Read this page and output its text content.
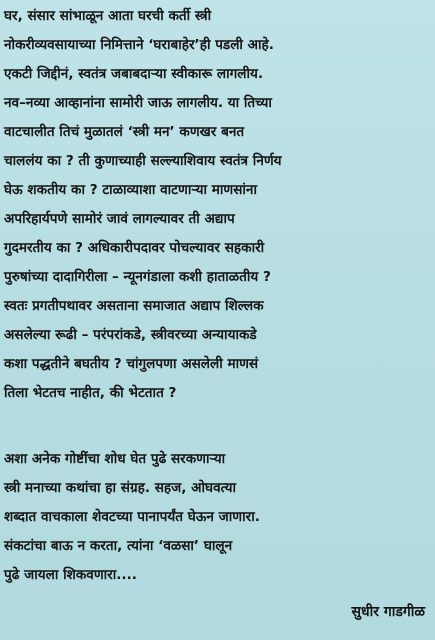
घर, संसार सांभाळून आता घरची कर्ती स्त्री
नोकरीव्यवसायाच्या निमित्ताने ‘घराबाहेर’ही पडली आहे.
एकटी जिद्दीनं, स्वतंत्र जबाबदाऱ्या स्वीकारू लागलीय.
नव–नव्या आव्हानांना सामोरी जाऊ लागलीय. या तिच्या
वाटचालीत तिचं मुळातलं ‘स्त्री मन’ कणखर बनत
चाललंय का ? ती कुणाच्याही सल्ल्याशिवाय स्वतंत्र निर्णय
घेऊ शकतीय का ? टाळाव्याशा वाटणाऱ्या माणसांना
अपरिहार्यपणे सामोरं जावं लागल्यावर ती अद्याप
गुदमरतीय का ? अधिकारीपदावर पोचल्यावर सहकारी
पुरुषांच्या दादागिरीला – न्यूनगंडाला कशी हाताळतीय ?
स्वतः प्रगतीपथावर असताना समाजात अद्याप शिल्लक
असलेल्या रूढी – परंपरांकडे, स्त्रीवरच्या अन्यायाकडे
कशा पद्धतीने बघतीय ? चांगुलपणा असलेली माणसं
तिला भेटतच नाहीत, की भेटतात ?
अशा अनेक गोष्टींचा शोध घेत पुढे सरकणाऱ्या
स्त्री मनाच्या कथांचा हा संग्रह. सहज, ओघवत्या
शब्दात वाचकाला शेवटच्या पानापर्यंत घेऊन जाणारा.
संकटांचा बाऊ न करता, त्यांना ‘वळसा’ घालून
पुढे जायला शिकवणारा....
सुधीर गाडगीळ
